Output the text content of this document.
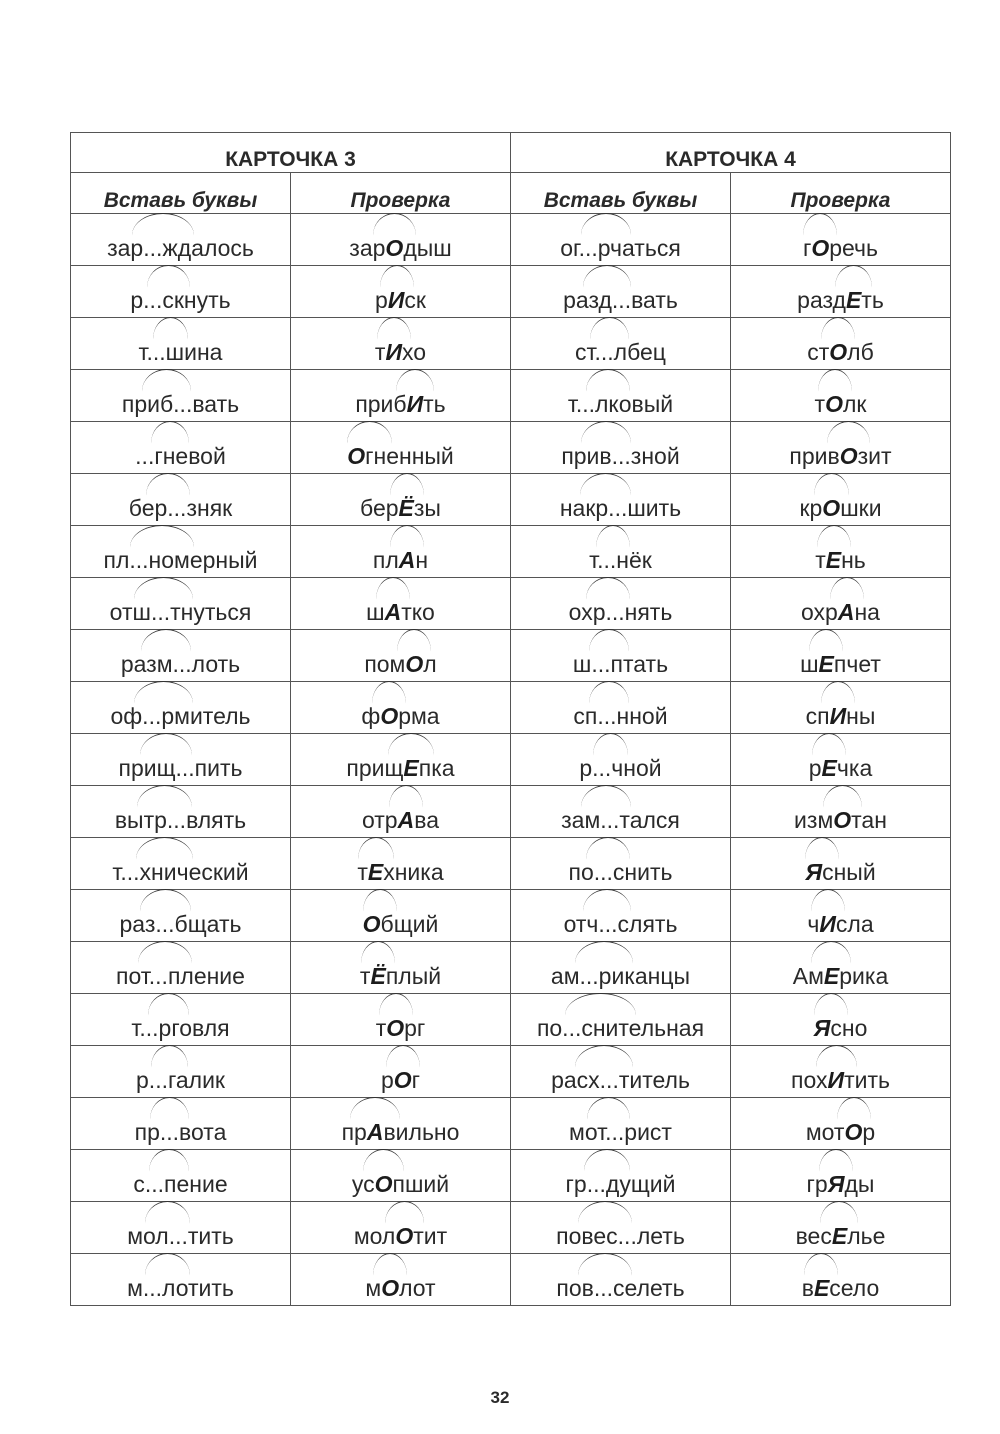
КАРТОЧКА 3		КАРТОЧКА 4	
Вставь буквы	Проверка	Вставь буквы	Проверка
зар...ждалось	зарОдыш	ог...рчаться	гОречь

р...скнуть	рИск	разд...вать	раздЕть

т...шина	тИхо	ст...лбец	стОлб

приб...вать	прибИть	т...лковый	тОлк

...гневой	Огненный	прив...зной	привОзит

бер...зняк	берЁзы	накр...шить	крОшки

пл...номерный	плАн	т...нёк	тЕнь

отш...тнуться	шАтко	охр...нять	охрАна

разм...лоть	помОл	ш...птать	шЕпчет

оф...рмитель	фОрма	сп...нной	спИны

прищ...пить	прищЕпка	р...чной	рЕчка

вытр...влять	отрАва	зам...тался	измОтан

т...хнический	тЕхника	по...снить	Ясный

раз...бщать	Общий	отч...слять	чИсла

пот...пление	тЁплый	ам...риканцы	АмЕрика

т...рговля	тОрг	по...снительная	Ясно

р...галик	рОг	расх...титель	похИтить

пр...вота	прАвильно	мот...рист	мотОр

с...пение	усОпший	гр...дущий	грЯды

мол...тить	молОтит	повес...леть	весЕлье

м...лотить	мОлот	пов...селеть	вЕсело
32
